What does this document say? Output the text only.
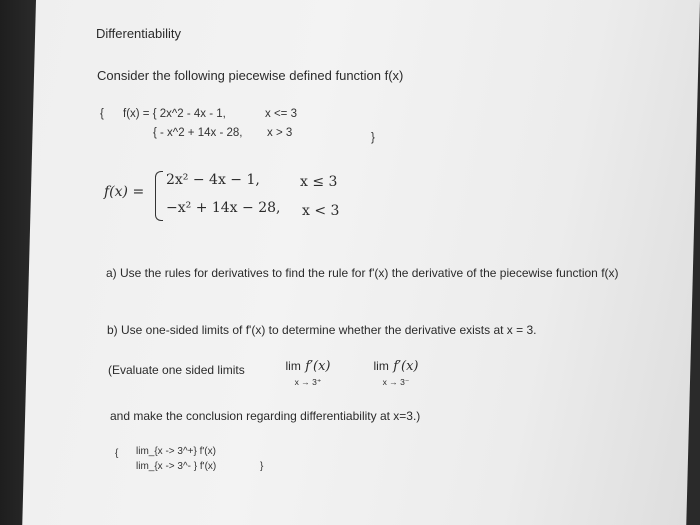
Differentiability
Consider the following piecewise defined function f(x)
{ f(x) = { 2x^2 - 4x - 1,	x <= 3
{ - x^2 + 14x - 28, x > 3	}
f(x) =
2x² − 4x − 1,	x ≤ 3
−x² + 14x − 28, x < 3
a) Use the rules for derivatives to find the rule for f'(x) the derivative of the piecewise function f(x)
b) Use one-sided limits of f'(x) to determine whether the derivative exists at x = 3.
(Evaluate one sided limits	lim f′(x)
x → 3⁺
lim f′(x)
x → 3⁻
and make the conclusion regarding differentiability at x=3.)
{ lim_{x -> 3^+} f'(x)
lim_{x -> 3^- } f'(x)	}
